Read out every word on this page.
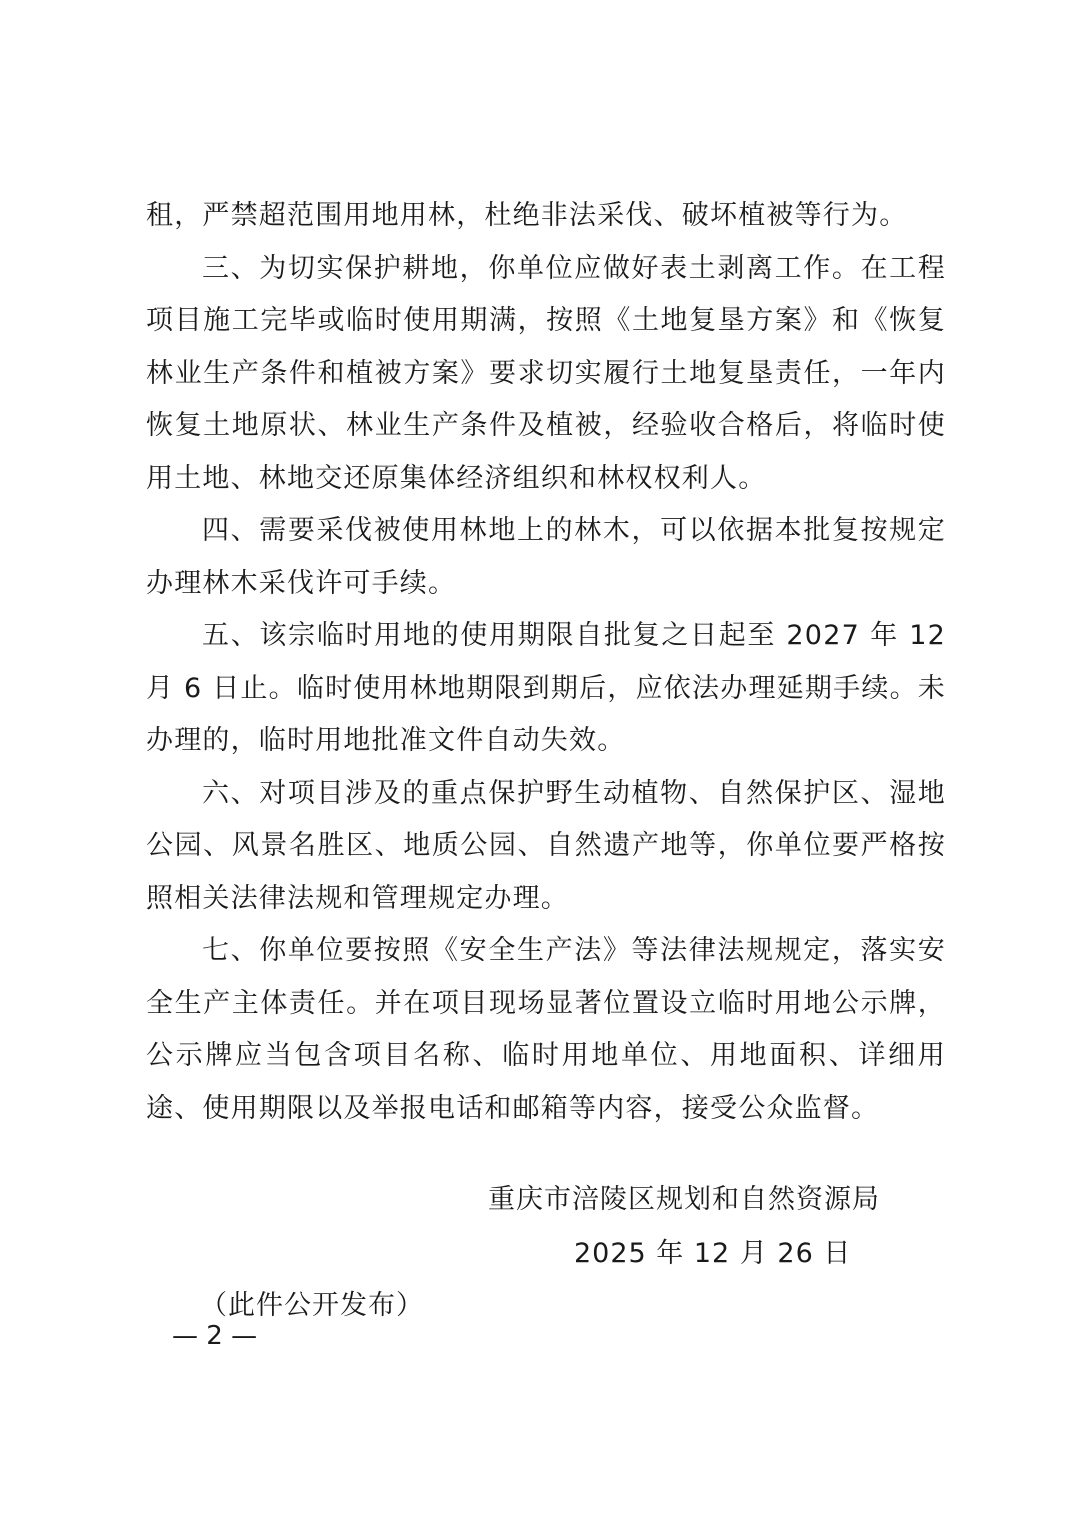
租，严禁超范围用地用林，杜绝非法采伐、破坏植被等行为。

三、为切实保护耕地，你单位应做好表土剥离工作。在工程项目施工完毕或临时使用期满，按照《土地复垦方案》和《恢复林业生产条件和植被方案》要求切实履行土地复垦责任，一年内恢复土地原状、林业生产条件及植被，经验收合格后，将临时使用土地、林地交还原集体经济组织和林权权利人。

四、需要采伐被使用林地上的林木，可以依据本批复按规定办理林木采伐许可手续。

五、该宗临时用地的使用期限自批复之日起至 2027 年 12 月 6 日止。临时使用林地期限到期后，应依法办理延期手续。未办理的，临时用地批准文件自动失效。

六、对项目涉及的重点保护野生动植物、自然保护区、湿地公园、风景名胜区、地质公园、自然遗产地等，你单位要严格按照相关法律法规和管理规定办理。

七、你单位要按照《安全生产法》等法律法规规定，落实安全生产主体责任。并在项目现场显著位置设立临时用地公示牌，公示牌应当包含项目名称、临时用地单位、用地面积、详细用途、使用期限以及举报电话和邮箱等内容，接受公众监督。

重庆市涪陵区规划和自然资源局
2025 年 12 月 26 日
（此件公开发布）
— 2 —
